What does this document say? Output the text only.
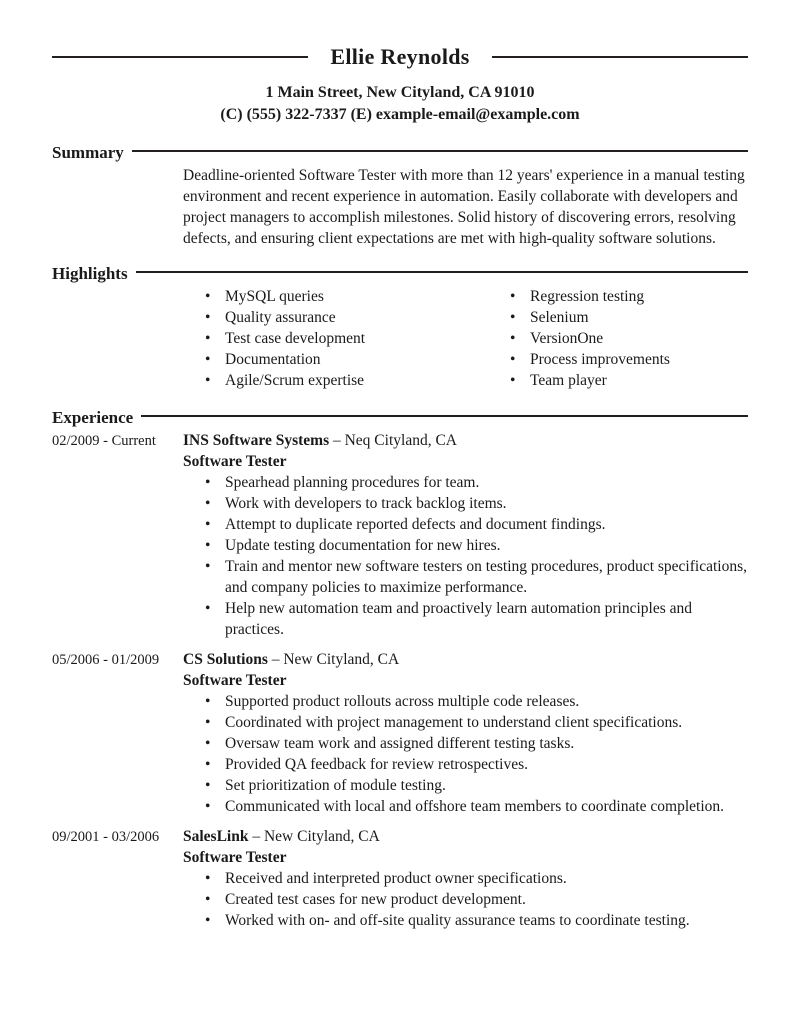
Ellie Reynolds
1 Main Street, New Cityland, CA 91010
(C) (555) 322-7337 (E) example-email@example.com
Summary
Deadline-oriented Software Tester with more than 12 years' experience in a manual testing environment and recent experience in automation. Easily collaborate with developers and project managers to accomplish milestones. Solid history of discovering errors, resolving defects, and ensuring client expectations are met with high-quality software solutions.
Highlights
• MySQL queries
• Quality assurance
• Test case development
• Documentation
• Agile/Scrum expertise
• Regression testing
• Selenium
• VersionOne
• Process improvements
• Team player
Experience
02/2009 - Current	INS Software Systems – Neq Cityland, CA
Software Tester
• Spearhead planning procedures for team.
• Work with developers to track backlog items.
• Attempt to duplicate reported defects and document findings.
• Update testing documentation for new hires.
• Train and mentor new software testers on testing procedures, product specifications, and company policies to maximize performance.
• Help new automation team and proactively learn automation principles and practices.
05/2006 - 01/2009	CS Solutions – New Cityland, CA
Software Tester
• Supported product rollouts across multiple code releases.
• Coordinated with project management to understand client specifications.
• Oversaw team work and assigned different testing tasks.
• Provided QA feedback for review retrospectives.
• Set prioritization of module testing.
• Communicated with local and offshore team members to coordinate completion.
09/2001 - 03/2006	SalesLink – New Cityland, CA
Software Tester
• Received and interpreted product owner specifications.
• Created test cases for new product development.
• Worked with on- and off-site quality assurance teams to coordinate testing.
